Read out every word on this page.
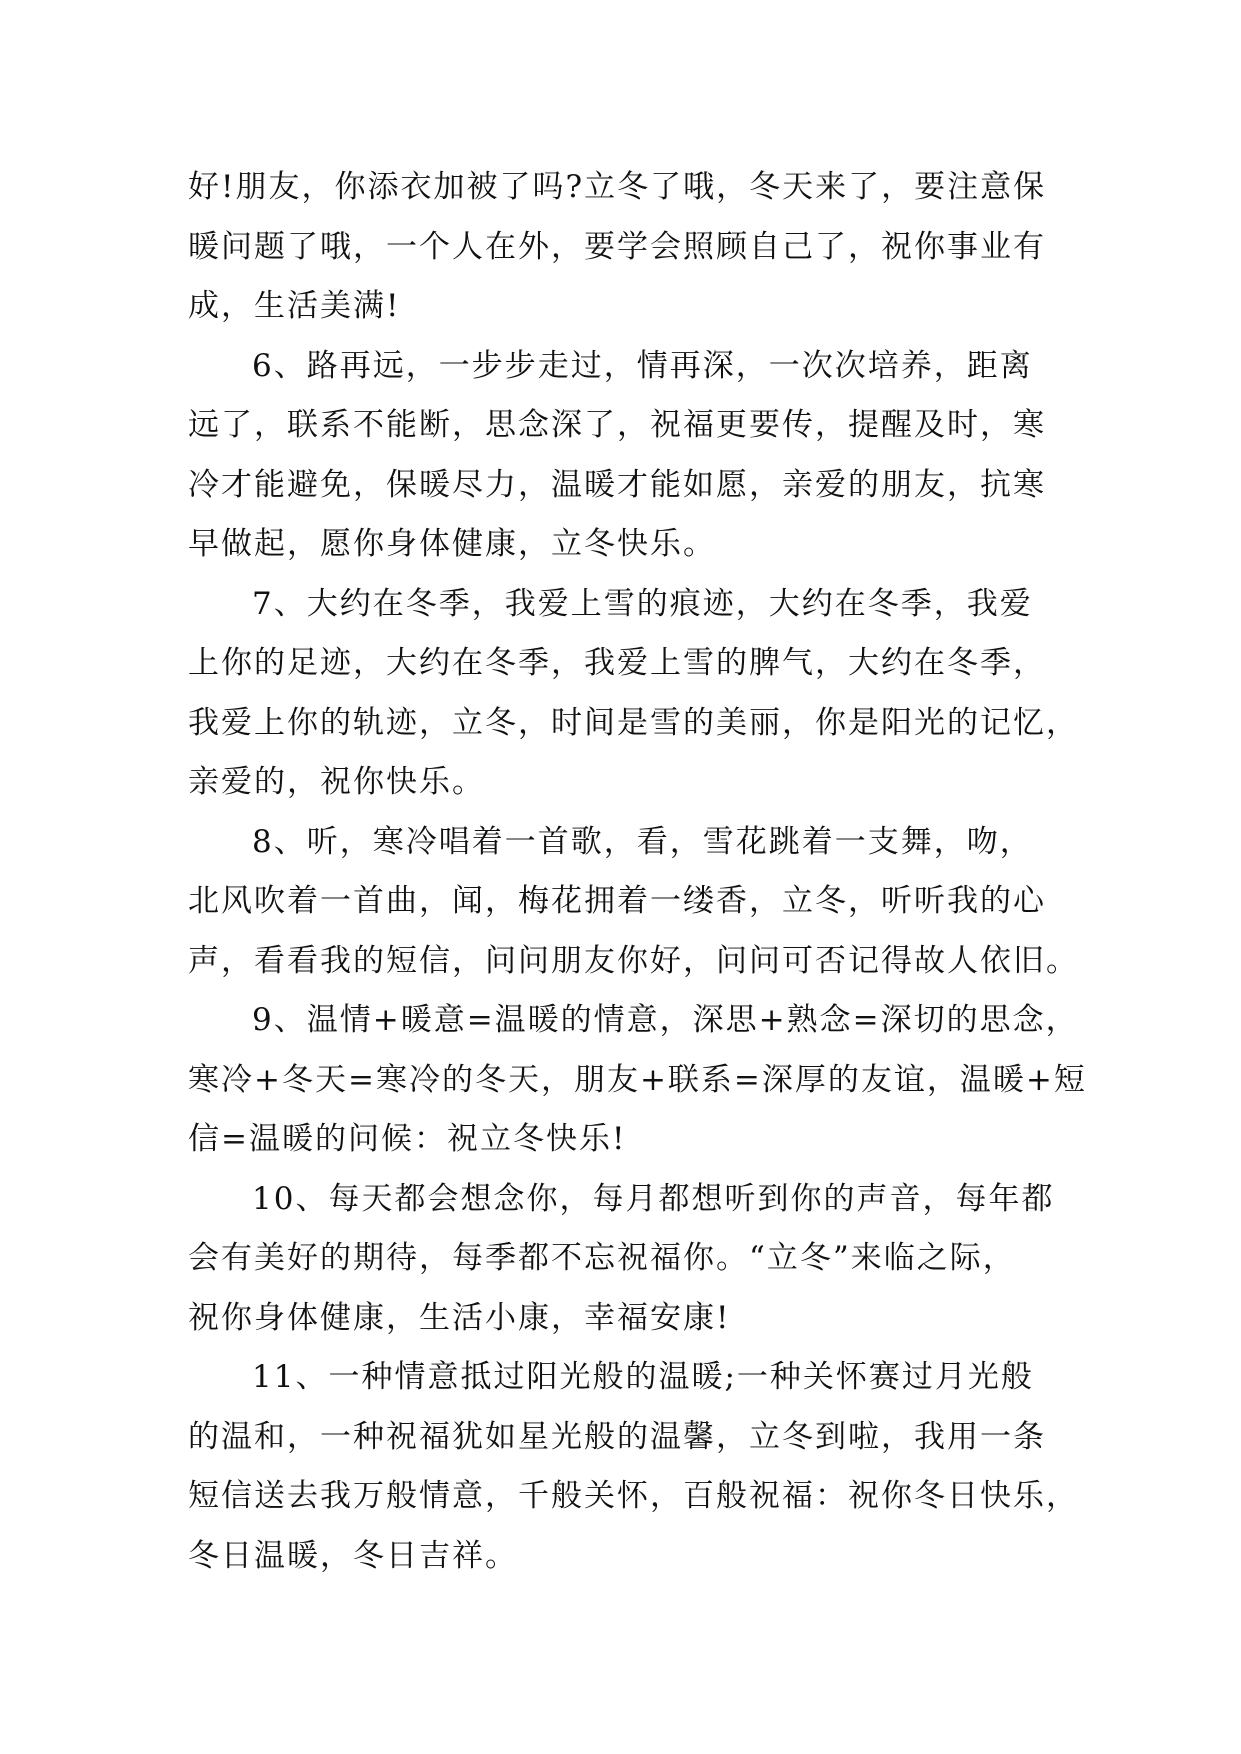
好!朋友，你添衣加被了吗?立冬了哦，冬天来了，要注意保
暖问题了哦，一个人在外，要学会照顾自己了，祝你事业有
成，生活美满!
6、路再远，一步步走过，情再深，一次次培养，距离
远了，联系不能断，思念深了，祝福更要传，提醒及时，寒
冷才能避免，保暖尽力，温暖才能如愿，亲爱的朋友，抗寒
早做起，愿你身体健康，立冬快乐。
7、大约在冬季，我爱上雪的痕迹，大约在冬季，我爱
上你的足迹，大约在冬季，我爱上雪的脾气，大约在冬季，
我爱上你的轨迹，立冬，时间是雪的美丽，你是阳光的记忆，
亲爱的，祝你快乐。
8、听，寒冷唱着一首歌，看，雪花跳着一支舞，吻，
北风吹着一首曲，闻，梅花拥着一缕香，立冬，听听我的心
声，看看我的短信，问问朋友你好，问问可否记得故人依旧。
9、温情+暖意=温暖的情意，深思+熟念=深切的思念，
寒冷+冬天=寒冷的冬天，朋友+联系=深厚的友谊，温暖+短
信=温暖的问候：祝立冬快乐!
10、每天都会想念你，每月都想听到你的声音，每年都
会有美好的期待，每季都不忘祝福你。“立冬”来临之际，
祝你身体健康，生活小康，幸福安康!
11、一种情意抵过阳光般的温暖;一种关怀赛过月光般
的温和，一种祝福犹如星光般的温馨，立冬到啦，我用一条
短信送去我万般情意，千般关怀，百般祝福：祝你冬日快乐，
冬日温暖，冬日吉祥。
